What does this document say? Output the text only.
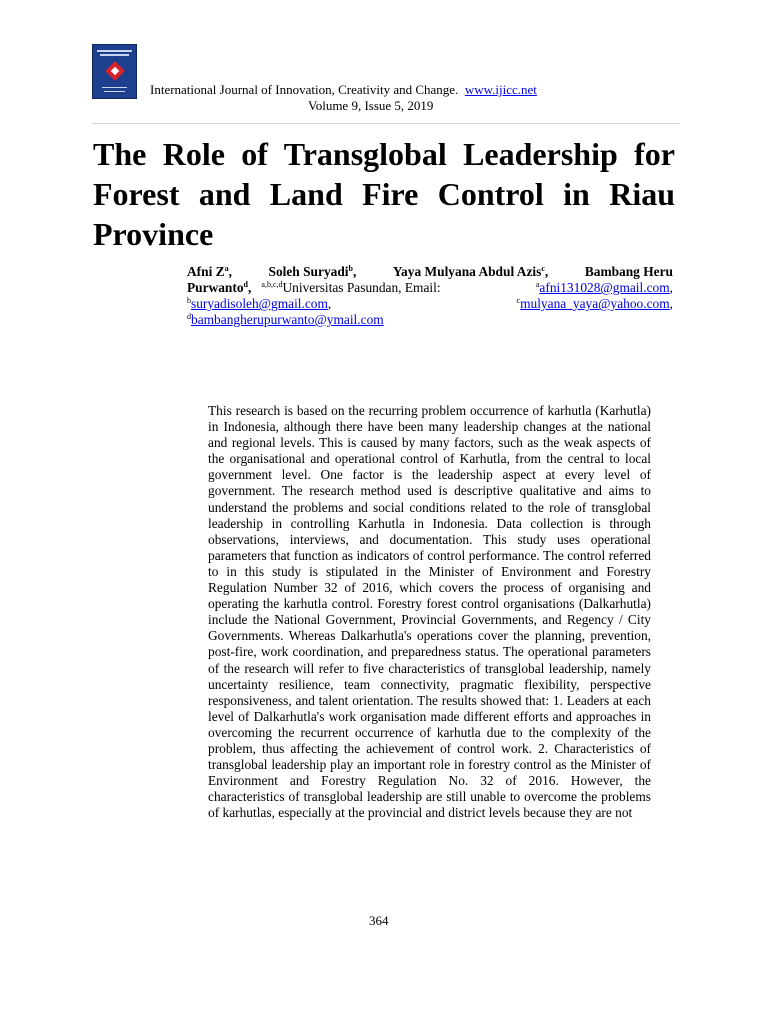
International Journal of Innovation, Creativity and Change. www.ijicc.net
Volume 9, Issue 5, 2019
The Role of Transglobal Leadership for Forest and Land Fire Control in Riau Province
Afni $Z^a$,	Soleh Suryadi$^b$,	Yaya Mulyana Abdul Azis$^c$,	Bambang Heru
Purwanto$^d$, $^{a,b,c,d}$Universitas Pasundan, Email:	$^a$afni131028@gmail.com,
$^b$suryadisoleh@gmail.com,	$^c$mulyana_yaya@yahoo.com,
$^d$bambangherupurwanto@ymail.com

This research is based on the recurring problem occurrence of karhutla (Karhutla) in Indonesia, although there have been many leadership changes at the national and regional levels. This is caused by many factors, such as the weak aspects of the organisational and operational control of Karhutla, from the central to local government level. One factor is the leadership aspect at every level of government. The research method used is descriptive qualitative and aims to understand the problems and social conditions related to the role of transglobal leadership in controlling Karhutla in Indonesia. Data collection is through observations, interviews, and documentation. This study uses operational parameters that function as indicators of control performance. The control referred to in this study is stipulated in the Minister of Environment and Forestry Regulation Number 32 of 2016, which covers the process of organising and operating the karhutla control. Forestry forest control organisations (Dalkarhutla) include the National Government, Provincial Governments, and Regency / City Governments. Whereas Dalkarhutla's operations cover the planning, prevention, post-fire, work coordination, and preparedness status. The operational parameters of the research will refer to five characteristics of transglobal leadership, namely uncertainty resilience, team connectivity, pragmatic flexibility, perspective responsiveness, and talent orientation. The results showed that: 1. Leaders at each level of Dalkarhutla's work organisation made different efforts and approaches in overcoming the recurrent occurrence of karhutla due to the complexity of the problem, thus affecting the achievement of control work. 2. Characteristics of transglobal leadership play an important role in forestry control as the Minister of Environment and Forestry Regulation No. 32 of 2016. However, the characteristics of transglobal leadership are still unable to overcome the problems of karhutlas, especially at the provincial and district levels because they are not

364
